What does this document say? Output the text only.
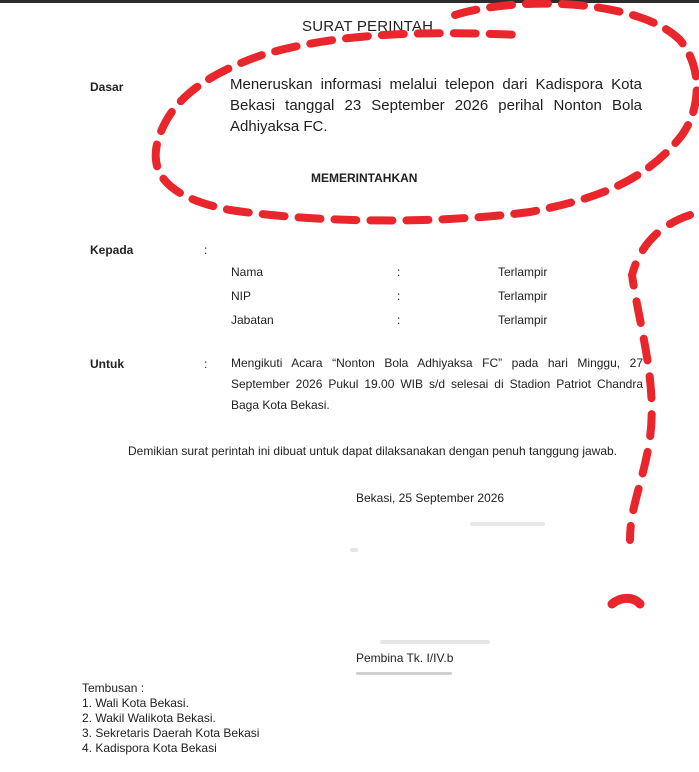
SURAT PERINTAH
Dasar	Meneruskan informasi melalui telepon dari Kadispora Kota Bekasi tanggal 23 September 2026 perihal Nonton Bola Adhiyaksa FC.
MEMERINTAHKAN
Kepada	:
Nama	:	Terlampir
NIP	:	Terlampir
Jabatan	:	Terlampir
Untuk	: Mengikuti Acara “Nonton Bola Adhiyaksa FC” pada hari Minggu, 27 September 2026 Pukul 19.00 WIB s/d selesai di Stadion Patriot Chandra Baga Kota Bekasi.
Demikian surat perintah ini dibuat untuk dapat dilaksanakan dengan penuh tanggung jawab.
Bekasi, 25 September 2026
Pembina Tk. I/IV.b
Tembusan :
1. Wali Kota Bekasi.
2. Wakil Walikota Bekasi.
3. Sekretaris Daerah Kota Bekasi
4. Kadispora Kota Bekasi
